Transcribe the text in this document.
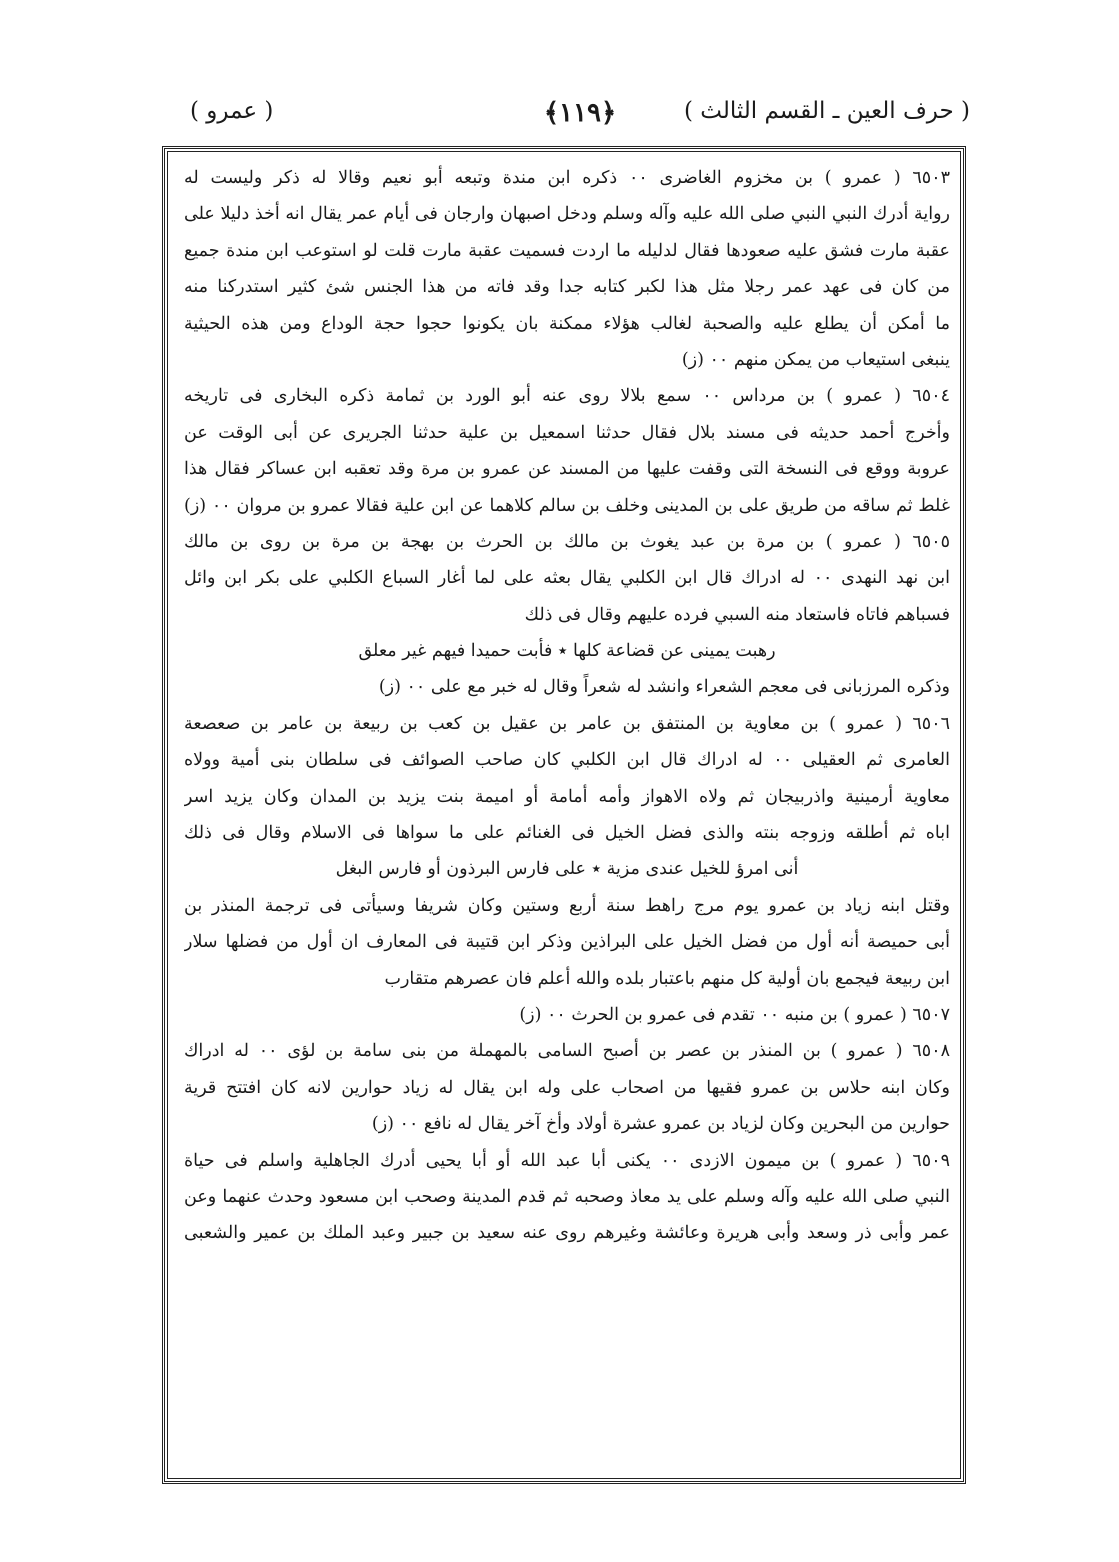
( حرف العين ـ القسم الثالث )
﴿١١٩﴾
( عمرو )
٦٥٠٣ ( عمرو ) بن مخزوم الغاضرى ٠٠ ذكره ابن مندة وتبعه أبو نعيم وقالا له ذكر وليست له
رواية أدرك النبي النبي صلى الله عليه وآله وسلم ودخل اصبهان وارجان فى أيام عمر يقال انه أخذ دليلا على
عقبة مارت فشق عليه صعودها فقال لدليله ما اردت فسميت عقبة مارت قلت لو استوعب ابن مندة جميع
من كان فى عهد عمر رجلا مثل هذا لكبر كتابه جدا وقد فاته من هذا الجنس شئ كثير استدركنا منه
ما أمكن أن يطلع عليه والصحبة لغالب هؤلاء ممكنة بان يكونوا حجوا حجة الوداع ومن هذه الحيثية
ينبغى استيعاب من يمكن منهم ٠٠ (ز)
٦٥٠٤ ( عمرو ) بن مرداس ٠٠ سمع بلالا روى عنه أبو الورد بن ثمامة ذكره البخارى فى تاريخه
وأخرج أحمد حديثه فى مسند بلال فقال حدثنا اسمعيل بن علية حدثنا الجريرى عن أبى الوقت عن
عروبة ووقع فى النسخة التى وقفت عليها من المسند عن عمرو بن مرة وقد تعقبه ابن عساكر فقال هذا
غلط ثم ساقه من طريق على بن المدينى وخلف بن سالم كلاهما عن ابن علية فقالا عمرو بن مروان ٠٠ (ز)
٦٥٠٥ ( عمرو ) بن مرة بن عبد يغوث بن مالك بن الحرث بن بهجة بن مرة بن روى بن مالك
ابن نهد النهدى ٠٠ له ادراك قال ابن الكلبي يقال بعثه على لما أغار السباع الكلبي على بكر ابن وائل
فسباهم فاتاه فاستعاد منه السبي فرده عليهم وقال فى ذلك
رهبت يمينى عن قضاعة كلها ٭ فأبت حميدا فيهم غير معلق
وذكره المرزبانى فى معجم الشعراء وانشد له شعراً وقال له خبر مع على ٠٠ (ز)
٦٥٠٦ ( عمرو ) بن معاوية بن المنتفق بن عامر بن عقيل بن كعب بن ربيعة بن عامر بن صعصعة
العامرى ثم العقيلى ٠٠ له ادراك قال ابن الكلبي كان صاحب الصوائف فى سلطان بنى أمية وولاه
معاوية أرمينية واذربيجان ثم ولاه الاهواز وأمه أمامة أو اميمة بنت يزيد بن المدان وكان يزيد اسر
اباه ثم أطلقه وزوجه بنته والذى فضل الخيل فى الغنائم على ما سواها فى الاسلام وقال فى ذلك
أنى امرؤ للخيل عندى مزية ٭ على فارس البرذون أو فارس البغل
وقتل ابنه زياد بن عمرو يوم مرج راهط سنة أربع وستين وكان شريفا وسيأتى فى ترجمة المنذر بن
أبى حميصة أنه أول من فضل الخيل على البراذين وذكر ابن قتيبة فى المعارف ان أول من فضلها سلار
ابن ربيعة فيجمع بان أولية كل منهم باعتبار بلده والله أعلم فان عصرهم متقارب
٦٥٠٧ ( عمرو ) بن منبه ٠٠ تقدم فى عمرو بن الحرث ٠٠ (ز)
٦٥٠٨ ( عمرو ) بن المنذر بن عصر بن أصبح السامى بالمهملة من بنى سامة بن لؤى ٠٠ له ادراك
وكان ابنه حلاس بن عمرو فقيها من اصحاب على وله ابن يقال له زياد حوارين لانه كان افتتح قرية
حوارين من البحرين وكان لزياد بن عمرو عشرة أولاد وأخ آخر يقال له نافع ٠٠ (ز)
٦٥٠٩ ( عمرو ) بن ميمون الازدى ٠٠ يكنى أبا عبد الله أو أبا يحيى أدرك الجاهلية واسلم فى حياة
النبي صلى الله عليه وآله وسلم على يد معاذ وصحبه ثم قدم المدينة وصحب ابن مسعود وحدث عنهما وعن
عمر وأبى ذر وسعد وأبى هريرة وعائشة وغيرهم روى عنه سعيد بن جبير وعبد الملك بن عمير والشعبى
